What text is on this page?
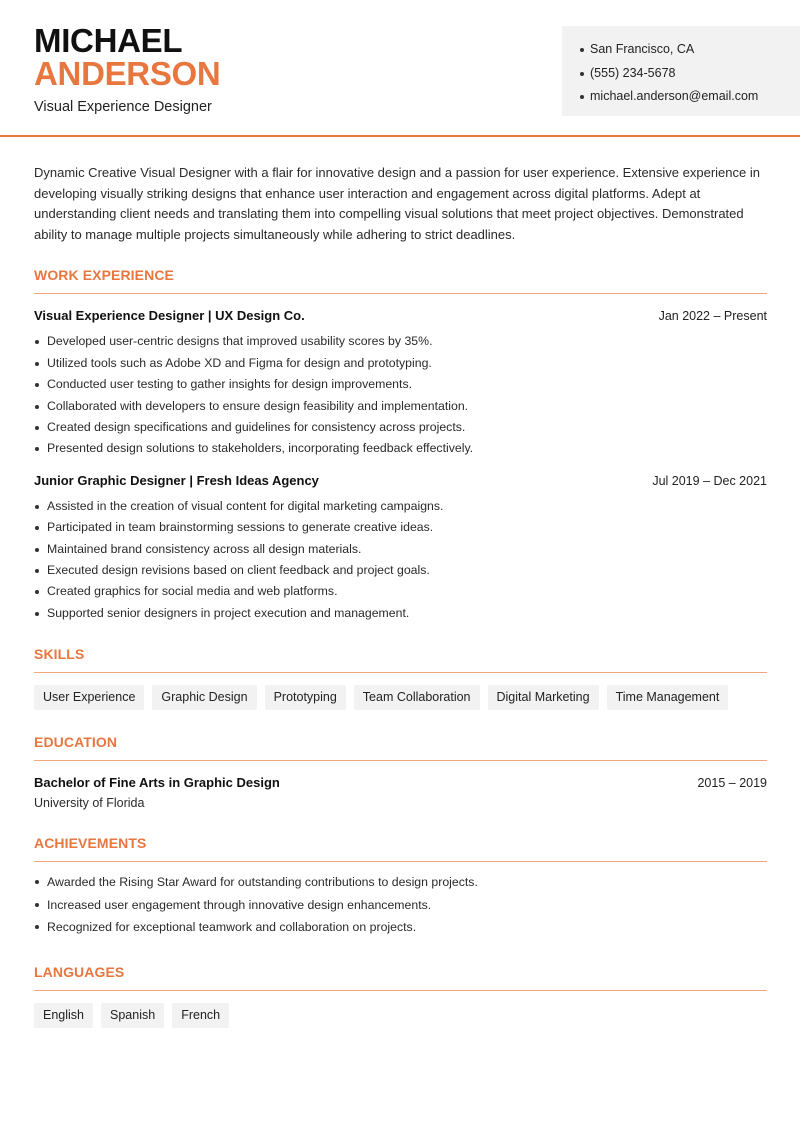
MICHAEL
ANDERSON
Visual Experience Designer
San Francisco, CA
(555) 234-5678
michael.anderson@email.com

Dynamic Creative Visual Designer with a flair for innovative design and a passion for user experience. Extensive experience in developing visually striking designs that enhance user interaction and engagement across digital platforms. Adept at understanding client needs and translating them into compelling visual solutions that meet project objectives. Demonstrated ability to manage multiple projects simultaneously while adhering to strict deadlines.

WORK EXPERIENCE
Visual Experience Designer | UX Design Co.	Jan 2022 – Present
Developed user-centric designs that improved usability scores by 35%.
Utilized tools such as Adobe XD and Figma for design and prototyping.
Conducted user testing to gather insights for design improvements.
Collaborated with developers to ensure design feasibility and implementation.
Created design specifications and guidelines for consistency across projects.
Presented design solutions to stakeholders, incorporating feedback effectively.
Junior Graphic Designer | Fresh Ideas Agency	Jul 2019 – Dec 2021
Assisted in the creation of visual content for digital marketing campaigns.
Participated in team brainstorming sessions to generate creative ideas.
Maintained brand consistency across all design materials.
Executed design revisions based on client feedback and project goals.
Created graphics for social media and web platforms.
Supported senior designers in project execution and management.
SKILLS
User Experience	Graphic Design	Prototyping	Team Collaboration	Digital Marketing	Time Management
EDUCATION
Bachelor of Fine Arts in Graphic Design	2015 – 2019
University of Florida
ACHIEVEMENTS
Awarded the Rising Star Award for outstanding contributions to design projects.
Increased user engagement through innovative design enhancements.
Recognized for exceptional teamwork and collaboration on projects.
LANGUAGES
English	Spanish	French
